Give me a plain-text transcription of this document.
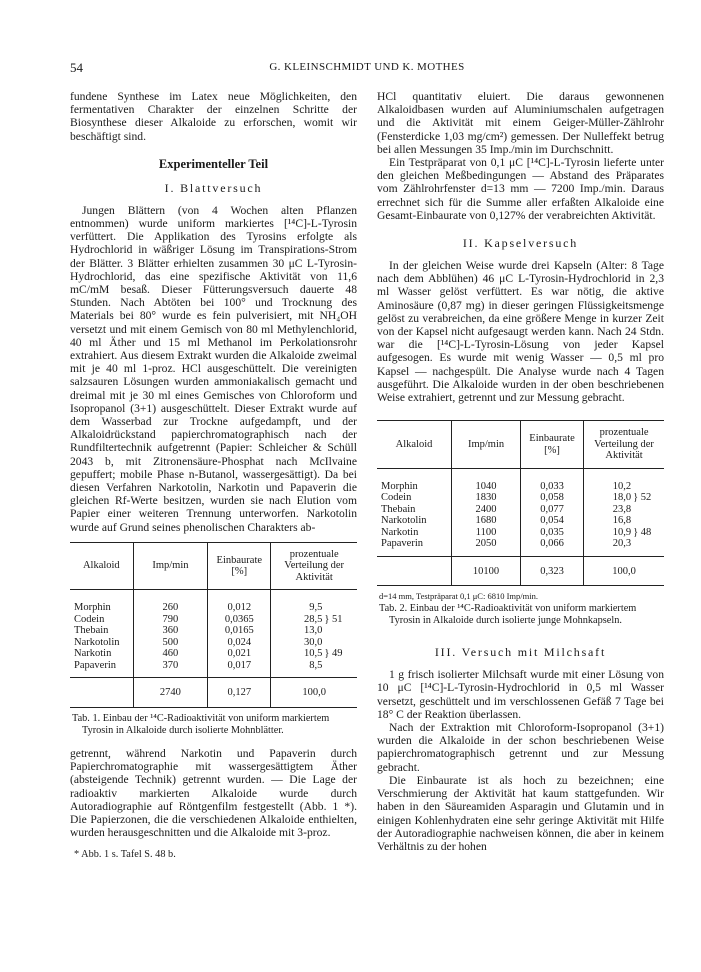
54	G. KLEINSCHMIDT UND K. MOTHES

fundene Synthese im Latex neue Möglichkeiten, den fermentativen Charakter der einzelnen Schritte der Biosynthese dieser Alkaloide zu erforschen, womit wir beschäftigt sind.

Experimenteller Teil
I. Blattversuch

Jungen Blättern (von 4 Wochen alten Pflanzen entnommen) wurde uniform markiertes [¹⁴C]-L-Tyrosin verfüttert. Die Applikation des Tyrosins erfolgte als Hydrochlorid in wäßriger Lösung im Transpirations-Strom der Blätter. 3 Blätter erhielten zusammen 30 μC L-Tyrosin-Hydrochlorid, das eine spezifische Aktivität von 11,6 mC/mM besaß. Dieser Fütterungsversuch dauerte 48 Stunden. Nach Abtöten bei 100° und Trocknung des Materials bei 80° wurde es fein pulverisiert, mit NH₄OH versetzt und mit einem Gemisch von 80 ml Methylenchlorid, 40 ml Äther und 15 ml Methanol im Perkolationsrohr extrahiert. Aus diesem Extrakt wurden die Alkaloide zweimal mit je 40 ml 1-proz. HCl ausgeschüttelt. Die vereinigten salzsauren Lösungen wurden ammoniakalisch gemacht und dreimal mit je 30 ml eines Gemisches von Chloroform und Isopropanol (3+1) ausgeschüttelt. Dieser Extrakt wurde auf dem Wasserbad zur Trockne aufgedampft, und der Alkaloidrückstand papierchromatographisch nach der Rundfiltertechnik aufgetrennt (Papier: Schleicher & Schüll 2043 b, mit Zitronensäure-Phosphat nach McIlvaine gepuffert; mobile Phase n-Butanol, wassergesättigt). Da bei diesen Verfahren Narkotolin, Narkotin und Papaverin die gleichen Rf-Werte besitzen, wurden sie nach Elution vom Papier einer weiteren Trennung unterworfen. Narkotolin wurde auf Grund seines phenolischen Charakters ab-

Alkaloid	Imp/min	Einbaurate [%]	prozentuale Verteilung der Aktivität
Morphin	260	0,012	9,5
Codein	790	0,0365	28,5 } 51
Thebain	360	0,0165	13,0
Narkotolin	500	0,024	30,0
Narkotin	460	0,021	10,5 } 49
Papaverin	370	0,017	8,5
	2740	0,127	100,0
Tab. 1. Einbau der ¹⁴C-Radioaktivität von uniform markiertem Tyrosin in Alkaloide durch isolierte Mohnblätter.

getrennt, während Narkotin und Papaverin durch Papierchromatographie mit wassergesättigtem Äther (absteigende Technik) getrennt wurden. — Die Lage der radioaktiv markierten Alkaloide wurde durch Autoradiographie auf Röntgenfilm festgestellt (Abb. 1 *). Die Papierzonen, die die verschiedenen Alkaloide enthielten, wurden herausgeschnitten und die Alkaloide mit 3-proz.

* Abb. 1 s. Tafel S. 48 b.

HCl quantitativ eluiert. Die daraus gewonnenen Alkaloidbasen wurden auf Aluminiumschalen aufgetragen und die Aktivität mit einem Geiger-Müller-Zählrohr (Fensterdicke 1,03 mg/cm²) gemessen. Der Nulleffekt betrug bei allen Messungen 35 Imp./min im Durchschnitt.

Ein Testpräparat von 0,1 μC [¹⁴C]-L-Tyrosin lieferte unter den gleichen Meßbedingungen — Abstand des Präparates vom Zählrohrfenster d=13 mm — 7200 Imp./min. Daraus errechnet sich für die Summe aller erfaßten Alkaloide eine Gesamt-Einbaurate von 0,127% der verabreichten Aktivität.

II. Kapselversuch

In der gleichen Weise wurde drei Kapseln (Alter: 8 Tage nach dem Abblühen) 46 μC L-Tyrosin-Hydrochlorid in 2,3 ml Wasser gelöst verfüttert. Es war nötig, die aktive Aminosäure (0,87 mg) in dieser geringen Flüssigkeitsmenge gelöst zu verabreichen, da eine größere Menge in kurzer Zeit von der Kapsel nicht aufgesaugt werden kann. Nach 24 Stdn. war die [¹⁴C]-L-Tyrosin-Lösung von jeder Kapsel aufgesogen. Es wurde mit wenig Wasser — 0,5 ml pro Kapsel — nachgespült. Die Analyse wurde nach 4 Tagen ausgeführt. Die Alkaloide wurden in der oben beschriebenen Weise extrahiert, getrennt und zur Messung gebracht.

Alkaloid	Imp/min	Einbaurate [%]	prozentuale Verteilung der Aktivität
Morphin	1040	0,033	10,2
Codein	1830	0,058	18,0 } 52
Thebain	2400	0,077	23,8
Narkotolin	1680	0,054	16,8
Narkotin	1100	0,035	10,9 } 48
Papaverin	2050	0,066	20,3
	10100	0,323	100,0
d=14 mm, Testpräparat 0,1 μC: 6810 Imp/min.
Tab. 2. Einbau der ¹⁴C-Radioaktivität von uniform markiertem Tyrosin in Alkaloide durch isolierte junge Mohnkapseln.
III. Versuch mit Milchsaft

1 g frisch isolierter Milchsaft wurde mit einer Lösung von 10 μC [¹⁴C]-L-Tyrosin-Hydrochlorid in 0,5 ml Wasser versetzt, geschüttelt und im verschlossenen Gefäß 7 Tage bei 18° C der Reaktion überlassen.

Nach der Extraktion mit Chloroform-Isopropanol (3+1) wurden die Alkaloide in der schon beschriebenen Weise papierchromatographisch getrennt und zur Messung gebracht.

Die Einbaurate ist als hoch zu bezeichnen; eine Verschmierung der Aktivität hat kaum stattgefunden. Wir haben in den Säureamiden Asparagin und Glutamin und in einigen Kohlenhydraten eine sehr geringe Aktivität mit Hilfe der Autoradiographie nachweisen können, die aber in keinem Verhältnis zu der hohen
